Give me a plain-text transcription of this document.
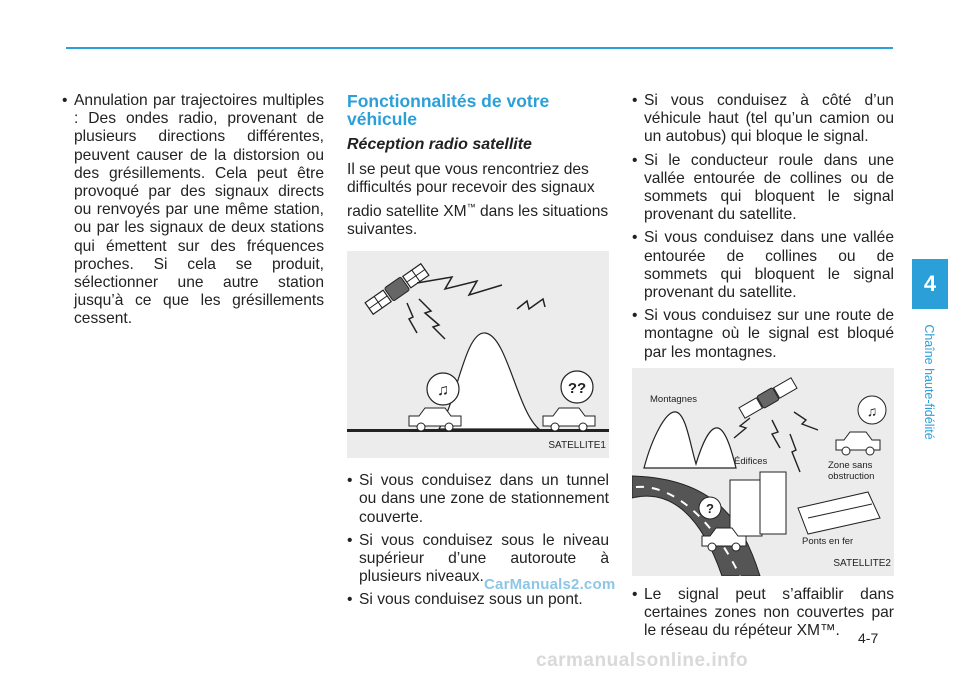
• Annulation par trajectoires multiples : Des ondes radio, provenant de plusieurs directions différentes, peuvent causer de la distorsion ou des grésillements. Cela peut être provoqué par des signaux directs ou renvoyés par une même station, ou par les signaux de deux stations qui émettent sur des fréquences proches. Si cela se produit, sélectionner une autre station jusqu’à ce que les grésillements cessent.
Fonctionnalités de votre véhicule
Réception radio satellite

Il se peut que vous rencontriez des difficultés pour recevoir des signaux radio satellite XM™ dans les situations suivantes.

♫	??
SATELLITE1
• Si vous conduisez dans un tunnel ou dans une zone de stationnement couverte.
• Si vous conduisez sous le niveau supérieur d’une autoroute à plusieurs niveaux.
• Si vous conduisez sous un pont.
• Si vous conduisez à côté d’un véhicule haut (tel qu’un camion ou un autobus) qui bloque le signal.
• Si le conducteur roule dans une vallée entourée de collines ou de sommets qui bloquent le signal provenant du satellite.
• Si vous conduisez dans une vallée entourée de collines ou de sommets qui bloquent le signal provenant du satellite.
• Si vous conduisez sur une route de montagne où le signal est bloqué par les montagnes.
Montagnes
Édifices
Ponts en fer
?
♫
Zone sans
obstruction
SATELLITE2
• Le signal peut s’affaiblir dans certaines zones non couvertes par le réseau du répéteur XM™.
4
Chaîne haute-fidélité
4-7
CarManuals2.com
carmanualsonline.info
